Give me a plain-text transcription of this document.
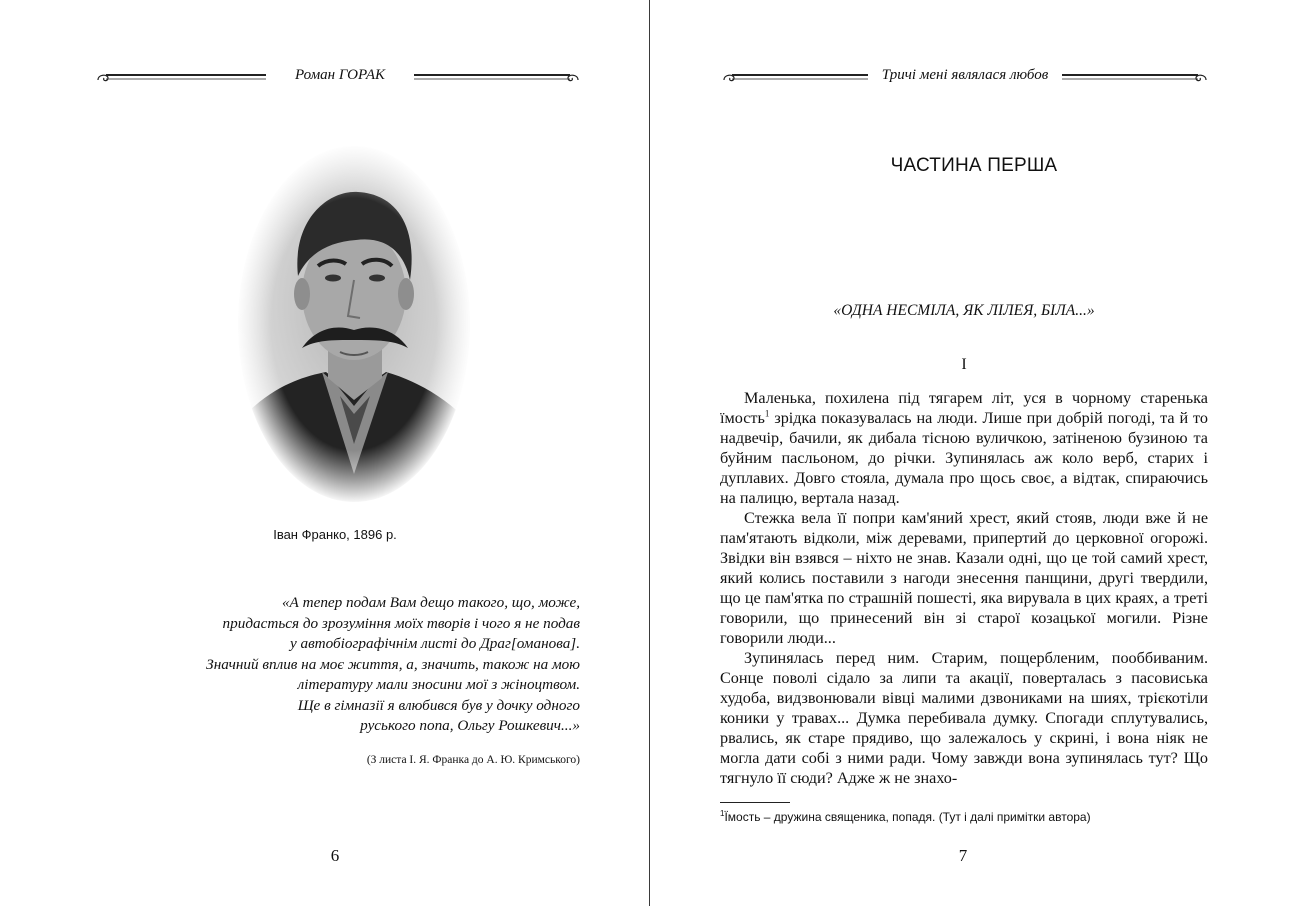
Роман ГОРАК
Іван Франко, 1896 р.

«А тепер подам Вам дещо такого, що, може,

придасться до зрозуміння моїх творів і чого я не подав

у автобіографічнім листі до Драг[оманова].

Значний вплив на моє життя, а, значить, також на мою

літературу мали зносини мої з жіноцтвом.

Ще в гімназії я влюбився був у дочку одного

руського попа, Ольгу Рошкевич...»

(З листа І. Я. Франка до А. Ю. Кримського)
6
Тричі мені являлася любов
ЧАСТИНА ПЕРША
«ОДНА НЕСМІЛА, ЯК ЛІЛЕЯ, БІЛА...»
І

Маленька, похилена під тягарем літ, уся в чорному старенька їмость$^1$ зрідка показувалась на люди. Лише при добрій погоді, та й то надвечір, бачили, як дибала тісною вуличкою, затіненою бузиною та буйним пасльоном, до річки. Зупинялась аж коло верб, старих і дуплавих. Довго стояла, думала про щось своє, а відтак, спираючись на палицю, вертала назад.

Стежка вела її попри кам'яний хрест, який стояв, люди вже й не пам'ятають відколи, між деревами, припертий до церковної огорожі. Звідки він взявся – ніхто не знав. Казали одні, що це той самий хрест, який колись поставили з нагоди знесення панщини, другі твердили, що це пам'ятка по страшній пошесті, яка вирувала в цих краях, а треті говорили, що принесений він зі старої козацької могили. Різне говорили люди...

Зупинялась перед ним. Старим, пощербленим, пооббиваним. Сонце поволі сідало за липи та акації, поверталась з пасовиська худоба, видзвонювали вівці малими дзвониками на шиях, трієкотіли коники у травах... Думка перебивала думку. Спогади сплутувались, рвались, як старе прядиво, що залежалось у скрині, і вона ніяк не могла дати собі з ними ради. Чому завжди вона зупинялась тут? Що тягнуло її сюди? Адже ж не знахо-

$^1$Їмость – дружина священика, попадя. (Тут і далі примітки автора)
7
